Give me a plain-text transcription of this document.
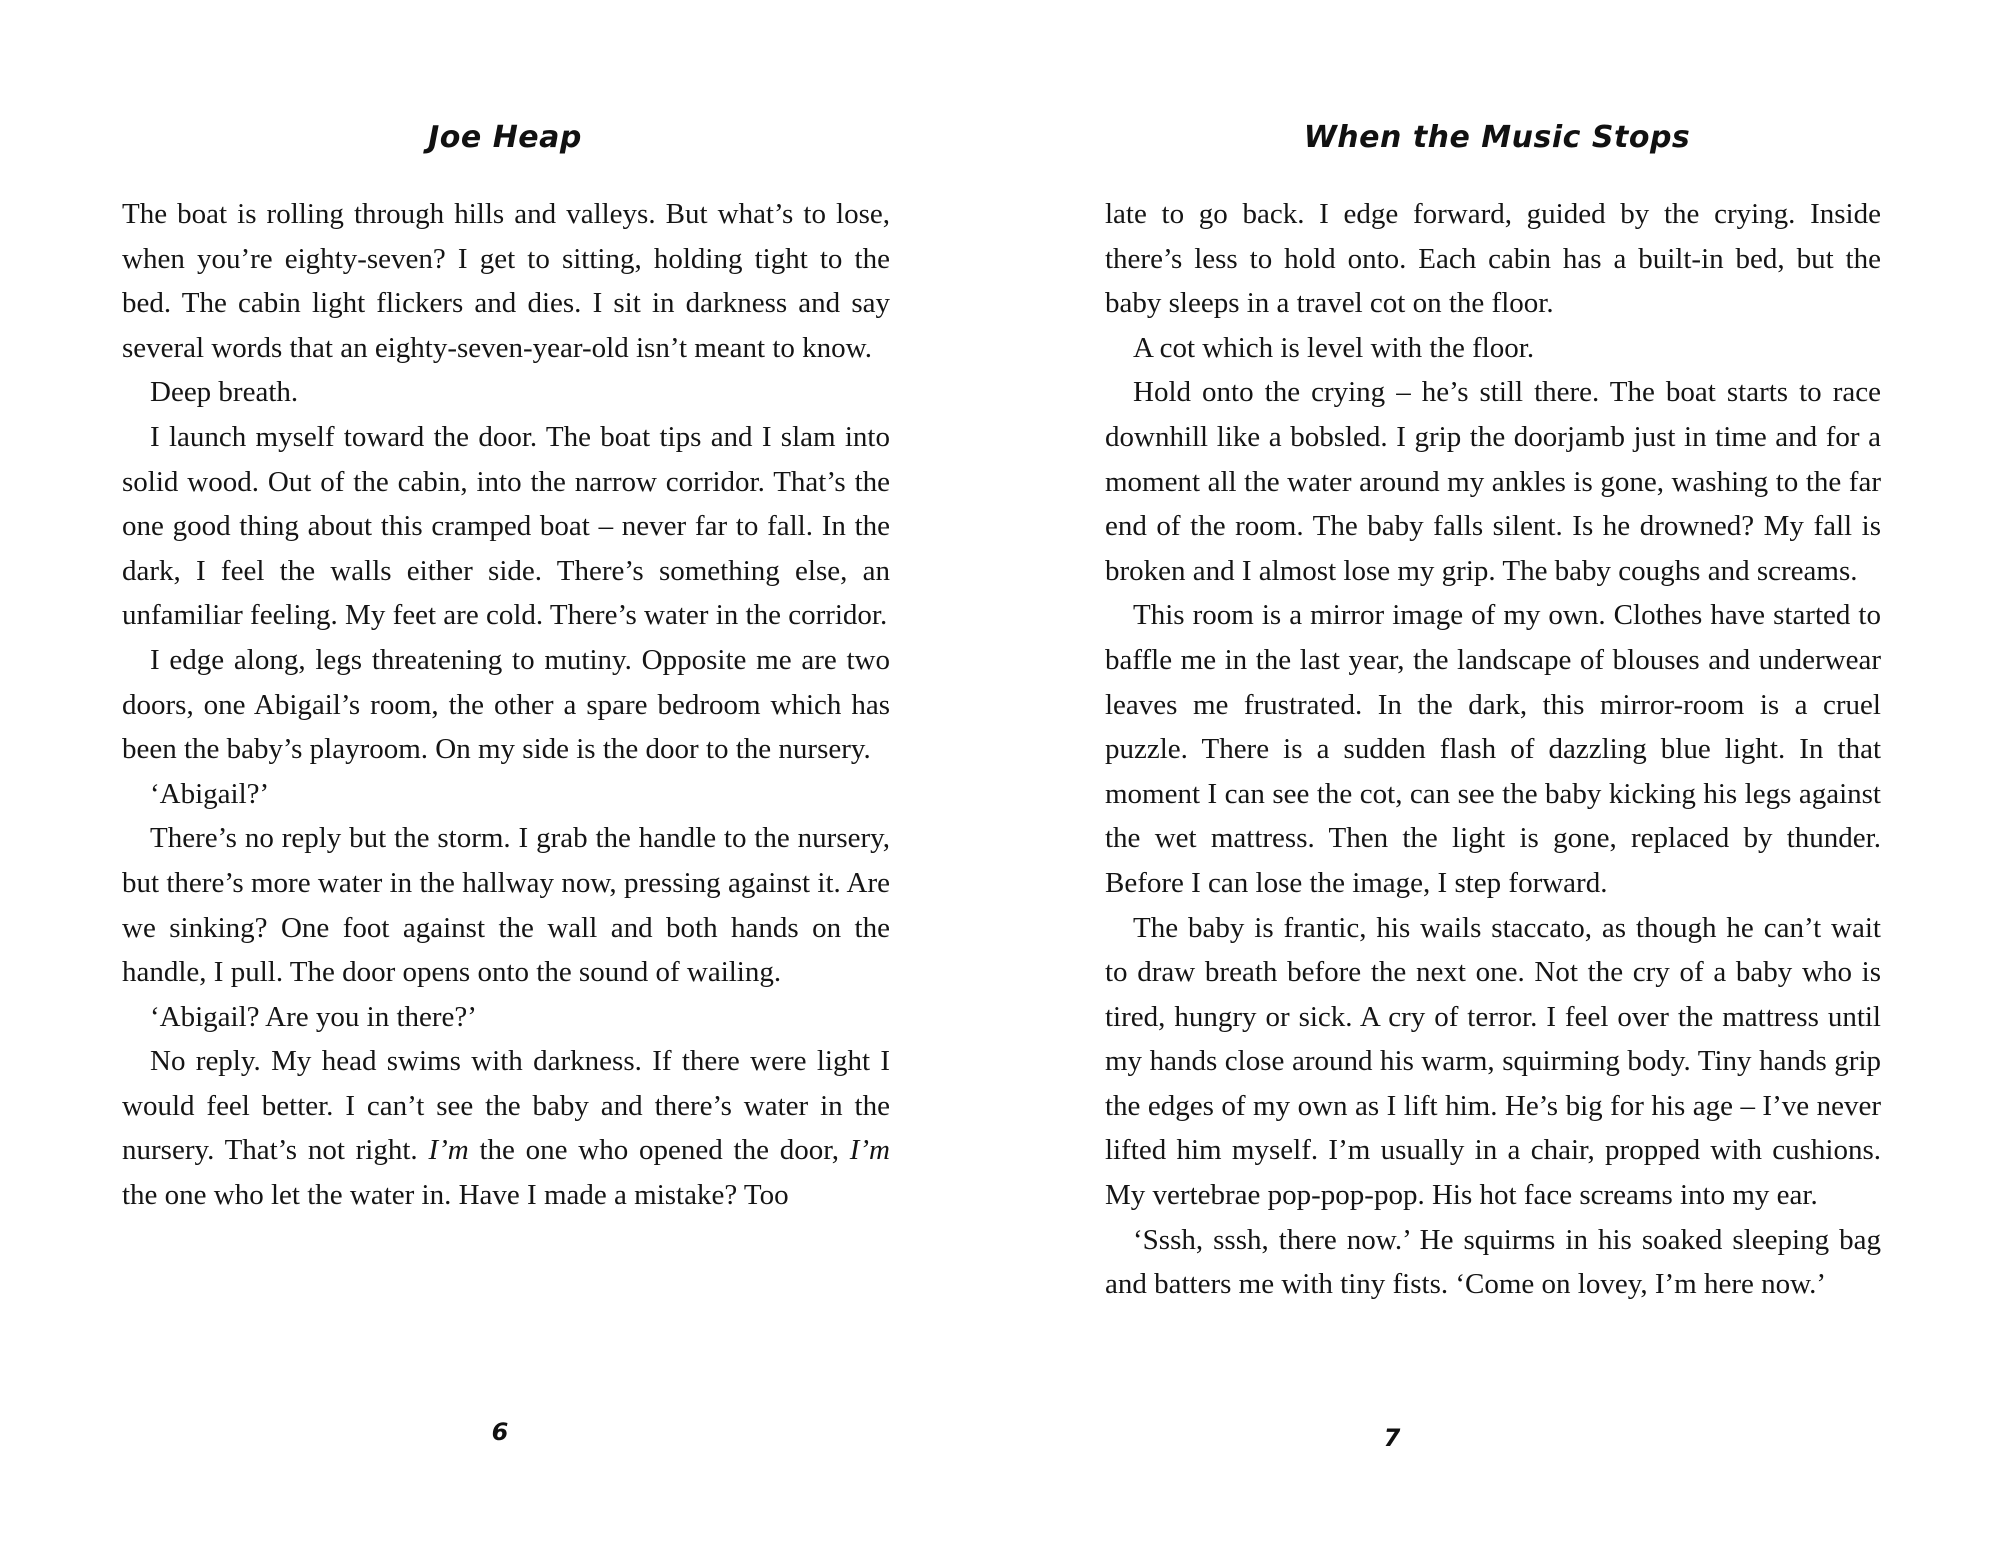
Joe Heap

The boat is rolling through hills and valleys. But what’s to lose, when you’re eighty-seven? I get to sitting, holding tight to the bed. The cabin light flickers and dies. I sit in darkness and say several words that an eighty-seven-year-old isn’t meant to know.

Deep breath.

I launch myself toward the door. The boat tips and I slam into solid wood. Out of the cabin, into the narrow corridor. That’s the one good thing about this cramped boat – never far to fall. In the dark, I feel the walls either side. There’s something else, an unfamiliar feeling. My feet are cold. There’s water in the corridor.

I edge along, legs threatening to mutiny. Opposite me are two doors, one Abigail’s room, the other a spare bedroom which has been the baby’s playroom. On my side is the door to the nursery.

‘Abigail?’

There’s no reply but the storm. I grab the handle to the nursery, but there’s more water in the hallway now, pressing against it. Are we sinking? One foot against the wall and both hands on the handle, I pull. The door opens onto the sound of wailing.

‘Abigail? Are you in there?’

No reply. My head swims with darkness. If there were light I would feel better. I can’t see the baby and there’s water in the nursery. That’s not right. I’m the one who opened the door, I’m the one who let the water in. Have I made a mistake? Too

6
When the Music Stops

late to go back. I edge forward, guided by the crying. Inside there’s less to hold onto. Each cabin has a built-in bed, but the baby sleeps in a travel cot on the floor.

A cot which is level with the floor.

Hold onto the crying – he’s still there. The boat starts to race downhill like a bobsled. I grip the doorjamb just in time and for a moment all the water around my ankles is gone, washing to the far end of the room. The baby falls silent. Is he drowned? My fall is broken and I almost lose my grip. The baby coughs and screams.

This room is a mirror image of my own. Clothes have started to baffle me in the last year, the landscape of blouses and underwear leaves me frustrated. In the dark, this mirror-room is a cruel puzzle. There is a sudden flash of dazzling blue light. In that moment I can see the cot, can see the baby kicking his legs against the wet mattress. Then the light is gone, replaced by thunder. Before I can lose the image, I step forward.

The baby is frantic, his wails staccato, as though he can’t wait to draw breath before the next one. Not the cry of a baby who is tired, hungry or sick. A cry of terror. I feel over the mattress until my hands close around his warm, squirming body. Tiny hands grip the edges of my own as I lift him. He’s big for his age – I’ve never lifted him myself. I’m usually in a chair, propped with cushions. My vertebrae pop-pop-pop. His hot face screams into my ear.

‘Sssh, sssh, there now.’ He squirms in his soaked sleeping bag and batters me with tiny fists. ‘Come on lovey, I’m here now.’

7
